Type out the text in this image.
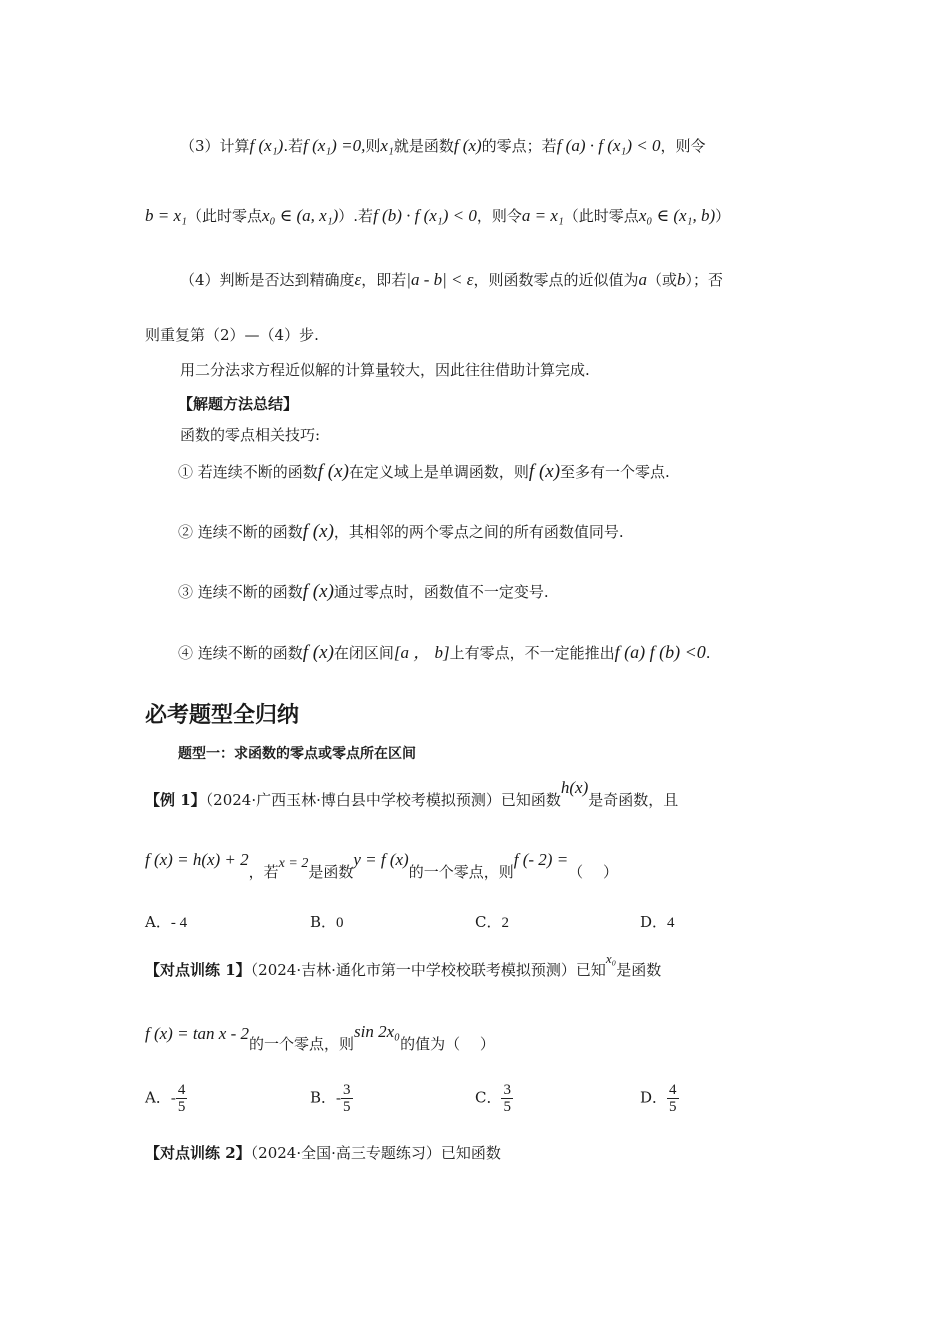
（3）计算f (x₁).若f (x₁) =0,则x₁就是函数f (x)的零点；若f (a) · f (x₁) < 0，则令
b = x₁（此时零点x₀ ∈ (a, x₁)）.若f (b) · f (x₁) < 0，则令a = x₁（此时零点x₀ ∈ (x₁, b)）
（4）判断是否达到精确度ε，即若|a - b| < ε，则函数零点的近似值为a（或b）；否
则重复第（2）—（4）步.
用二分法求方程近似解的计算量较大，因此往往借助计算完成.
【解题方法总结】
函数的零点相关技巧:
① 若连续不断的函数f (x)在定义域上是单调函数，则f (x)至多有一个零点.
② 连续不断的函数f (x)，其相邻的两个零点之间的所有函数值同号.
③ 连续不断的函数f (x)通过零点时，函数值不一定变号.
④ 连续不断的函数f (x)在闭区间[a ， b]上有零点，不一定能推出f (a) f (b) <0.
必考题型全归纳
题型一：求函数的零点或零点所在区间
【例 1】（2024·广西玉林·博白县中学校考模拟预测）已知函数h(x)是奇函数，且
f (x) = h(x) + 2，若x = 2是函数y = f (x)的一个零点，则f (- 2) =（　 ）
A．- 4	B．0	C．2	D．4
【对点训练 1】（2024·吉林·通化市第一中学校校联考模拟预测）已知x₀是函数
f (x) = tan x - 2的一个零点，则sin 2x₀的值为（　 ）
A．- $\frac{4}{5}$	B．- $\frac{3}{5}$	C． $\frac{3}{5}$	D． $\frac{4}{5}$
【对点训练 2】（2024·全国·高三专题练习）已知函数
